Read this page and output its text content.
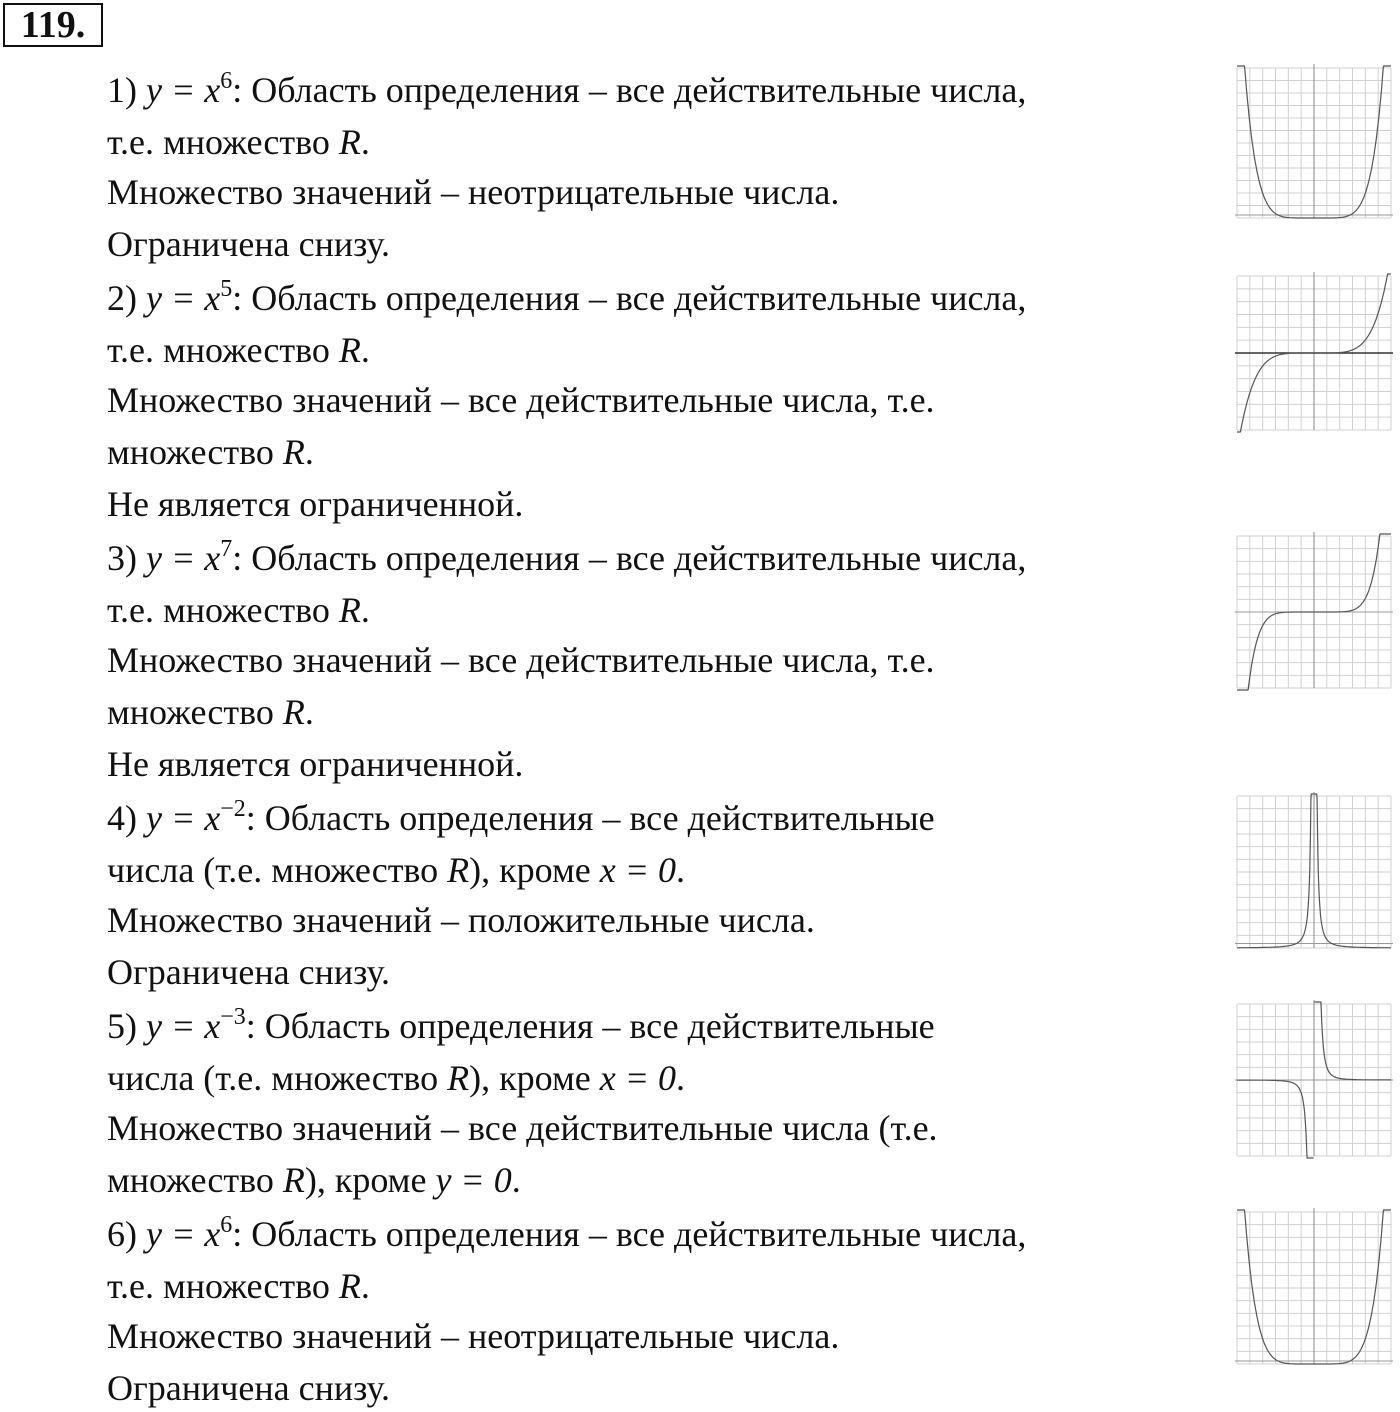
119.
1) $y = x^6$: Область определения – все действительные числа,
т.е. множество R.
Множество значений – неотрицательные числа.
Ограничена снизу.
2) $y = x^5$: Область определения – все действительные числа,
т.е. множество R.
Множество значений – все действительные числа, т.е.
множество R.
Не является ограниченной.
3) $y = x^7$: Область определения – все действительные числа,
т.е. множество R.
Множество значений – все действительные числа, т.е.
множество R.
Не является ограниченной.
4) $y = x^{-2}$: Область определения – все действительные
числа (т.е. множество R), кроме x = 0.
Множество значений – положительные числа.
Ограничена снизу.
5) $y = x^{-3}$: Область определения – все действительные
числа (т.е. множество R), кроме x = 0.
Множество значений – все действительные числа (т.е.
множество R), кроме y = 0.
6) $y = x^6$: Область определения – все действительные числа,
т.е. множество R.
Множество значений – неотрицательные числа.
Ограничена снизу.
